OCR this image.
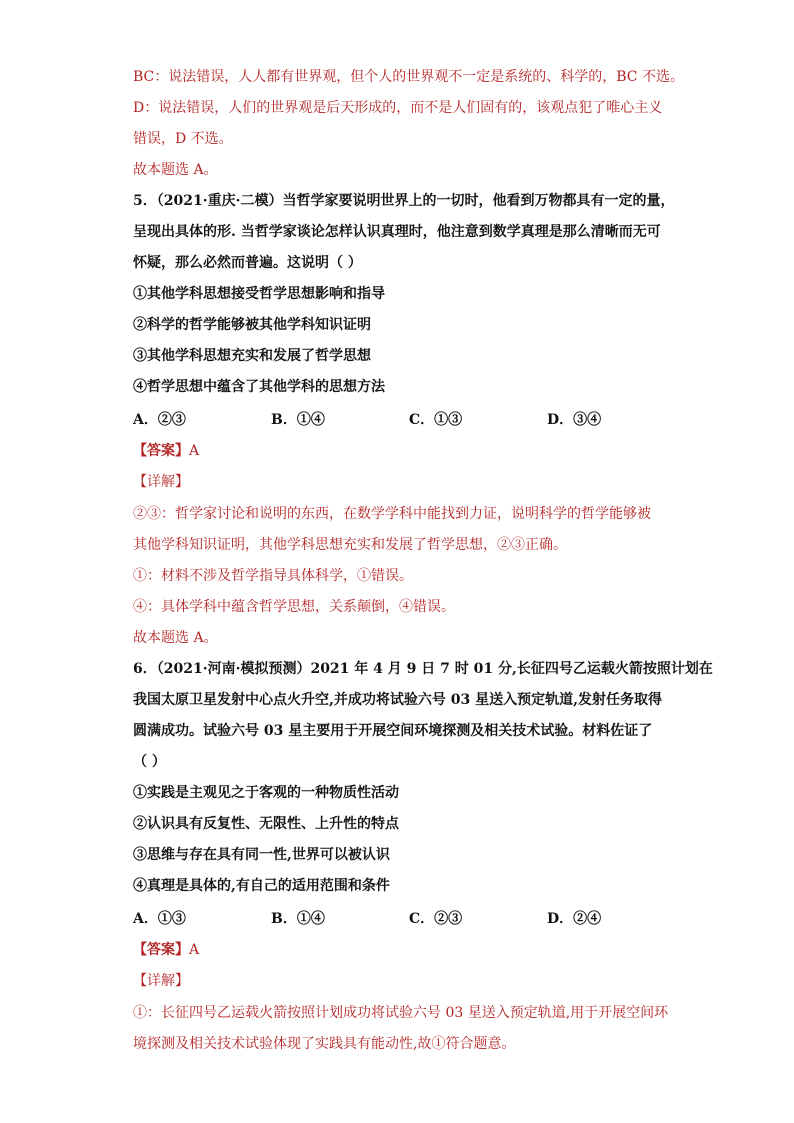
BC：说法错误，人人都有世界观，但个人的世界观不一定是系统的、科学的，BC 不选。
D：说法错误，人们的世界观是后天形成的，而不是人们固有的，该观点犯了唯心主义
错误，D 不选。
故本题选 A。
5．（2021·重庆·二模）当哲学家要说明世界上的一切时，他看到万物都具有一定的量，
呈现出具体的形. 当哲学家谈论怎样认识真理时，他注意到数学真理是那么清晰而无可
怀疑，那么必然而普遍。这说明（ ）
①其他学科思想接受哲学思想影响和指导
②科学的哲学能够被其他学科知识证明
③其他学科思想充实和发展了哲学思想
④哲学思想中蕴含了其他学科的思想方法
A．②③	B．①④	C．①③	D．③④
【答案】A
【详解】
②③：哲学家讨论和说明的东西，在数学学科中能找到力证，说明科学的哲学能够被
其他学科知识证明，其他学科思想充实和发展了哲学思想，②③正确。
①：材料不涉及哲学指导具体科学，①错误。
④：具体学科中蕴含哲学思想，关系颠倒，④错误。
故本题选 A。
6．（2021·河南·模拟预测）2021 年 4 月 9 日 7 时 01 分,长征四号乙运载火箭按照计划在
我国太原卫星发射中心点火升空,并成功将试验六号 03 星送入预定轨道,发射任务取得
圆满成功。试验六号 03 星主要用于开展空间环境探测及相关技术试验。材料佐证了
（ ）
①实践是主观见之于客观的一种物质性活动
②认识具有反复性、无限性、上升性的特点
③思维与存在具有同一性,世界可以被认识
④真理是具体的,有自己的适用范围和条件
A．①③	B．①④	C．②③	D．②④
【答案】A
【详解】
①：长征四号乙运载火箭按照计划成功将试验六号 03 星送入预定轨道,用于开展空间环
境探测及相关技术试验体现了实践具有能动性,故①符合题意。
